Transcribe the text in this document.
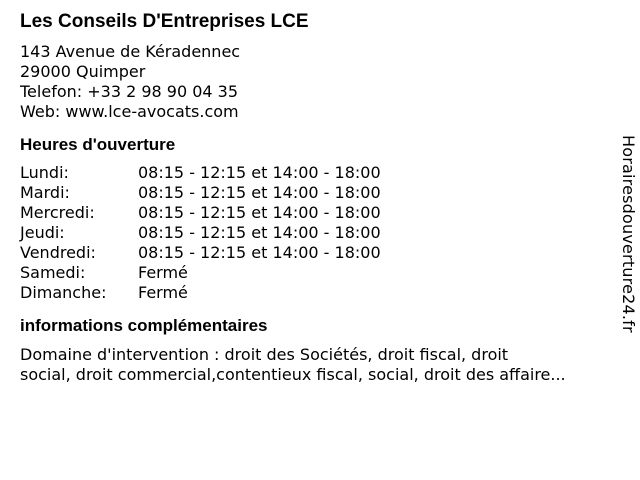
Les Conseils D'Entreprises LCE
143 Avenue de Kéradennec
29000 Quimper
Telefon: +33 2 98 90 04 35
Web: www.lce-avocats.com
Heures d'ouverture
Lundi:	08:15 - 12:15 et 14:00 - 18:00
Mardi:	08:15 - 12:15 et 14:00 - 18:00
Mercredi:	08:15 - 12:15 et 14:00 - 18:00
Jeudi:	08:15 - 12:15 et 14:00 - 18:00
Vendredi:	08:15 - 12:15 et 14:00 - 18:00
Samedi:	Fermé
Dimanche:	Fermé
informations complémentaires
Domaine d'intervention : droit des Sociétés, droit fiscal, droit
social, droit commercial,contentieux fiscal, social, droit des affaire...
Horairesdouverture24.fr
